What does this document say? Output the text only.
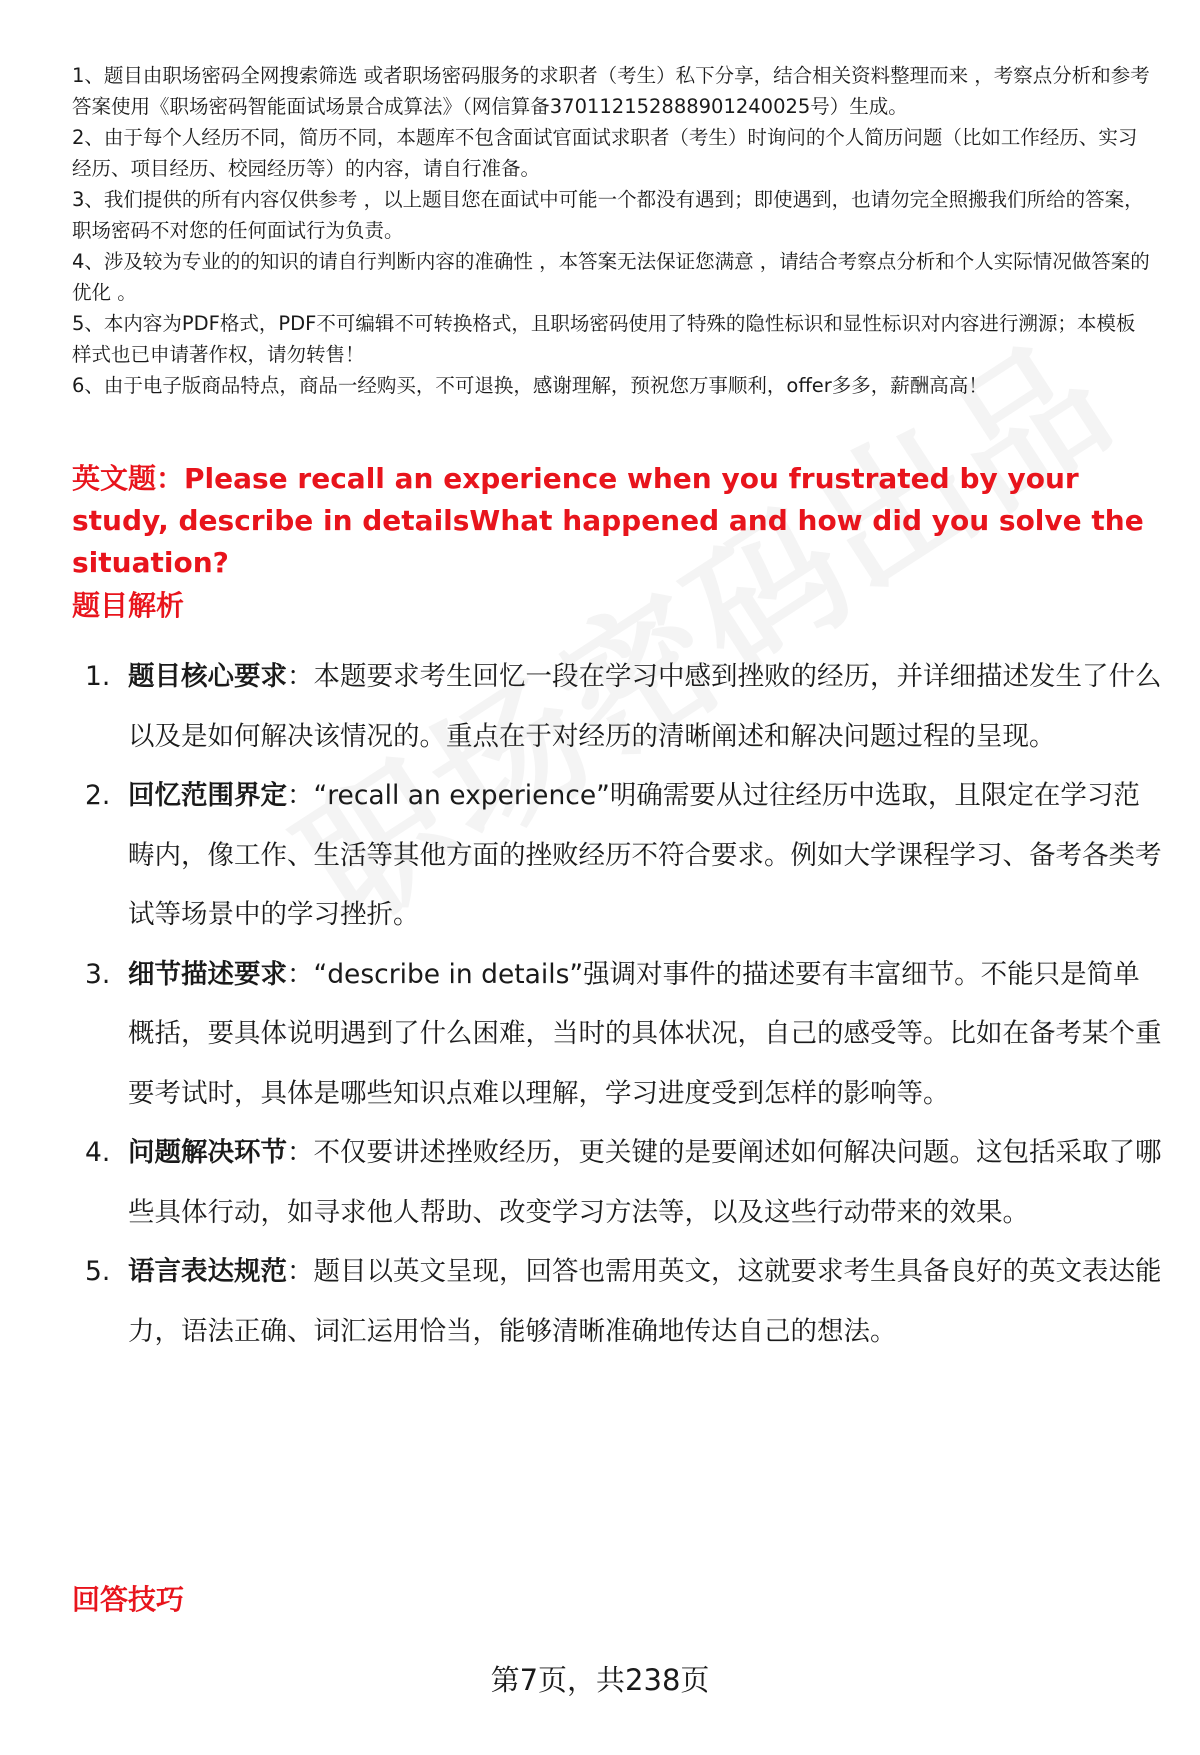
1、题目由职场密码全网搜索筛选 或者职场密码服务的求职者（考生）私下分享，结合相关资料整理而来 ，考察点分析和参考答案使用《职场密码智能面试场景合成算法》（网信算备370112152888901240025号）生成。

2、由于每个人经历不同，简历不同，本题库不包含面试官面试求职者（考生）时询问的个人简历问题（比如工作经历、实习经历、项目经历、校园经历等）的内容，请自行准备。

3、我们提供的所有内容仅供参考 ，以上题目您在面试中可能一个都没有遇到；即使遇到，也请勿完全照搬我们所给的答案，职场密码不对您的任何面试行为负责。

4、涉及较为专业的的知识的请自行判断内容的准确性 ，本答案无法保证您满意 ，请结合考察点分析和个人实际情况做答案的优化 。

5、本内容为PDF格式，PDF不可编辑不可转换格式，且职场密码使用了特殊的隐性标识和显性标识对内容进行溯源；本模板样式也已申请著作权，请勿转售！

6、由于电子版商品特点，商品一经购买，不可退换，感谢理解，预祝您万事顺利，offer多多，薪酬高高！

英文题：Please recall an experience when you frustrated by your study, describe in detailsWhat happened and how did you solve the situation?
题目解析
1. 题目核心要求：本题要求考生回忆一段在学习中感到挫败的经历，并详细描述发生了什么以及是如何解决该情况的。重点在于对经历的清晰阐述和解决问题过程的呈现。
2. 回忆范围界定：“recall an experience”明确需要从过往经历中选取，且限定在学习范畴内，像工作、生活等其他方面的挫败经历不符合要求。例如大学课程学习、备考各类考试等场景中的学习挫折。
3. 细节描述要求：“describe in details”强调对事件的描述要有丰富细节。不能只是简单概括，要具体说明遇到了什么困难，当时的具体状况，自己的感受等。比如在备考某个重要考试时，具体是哪些知识点难以理解，学习进度受到怎样的影响等。
4. 问题解决环节：不仅要讲述挫败经历，更关键的是要阐述如何解决问题。这包括采取了哪些具体行动，如寻求他人帮助、改变学习方法等，以及这些行动带来的效果。
5. 语言表达规范：题目以英文呈现，回答也需用英文，这就要求考生具备良好的英文表达能力，语法正确、词汇运用恰当，能够清晰准确地传达自己的想法。
回答技巧
第7页，共238页
